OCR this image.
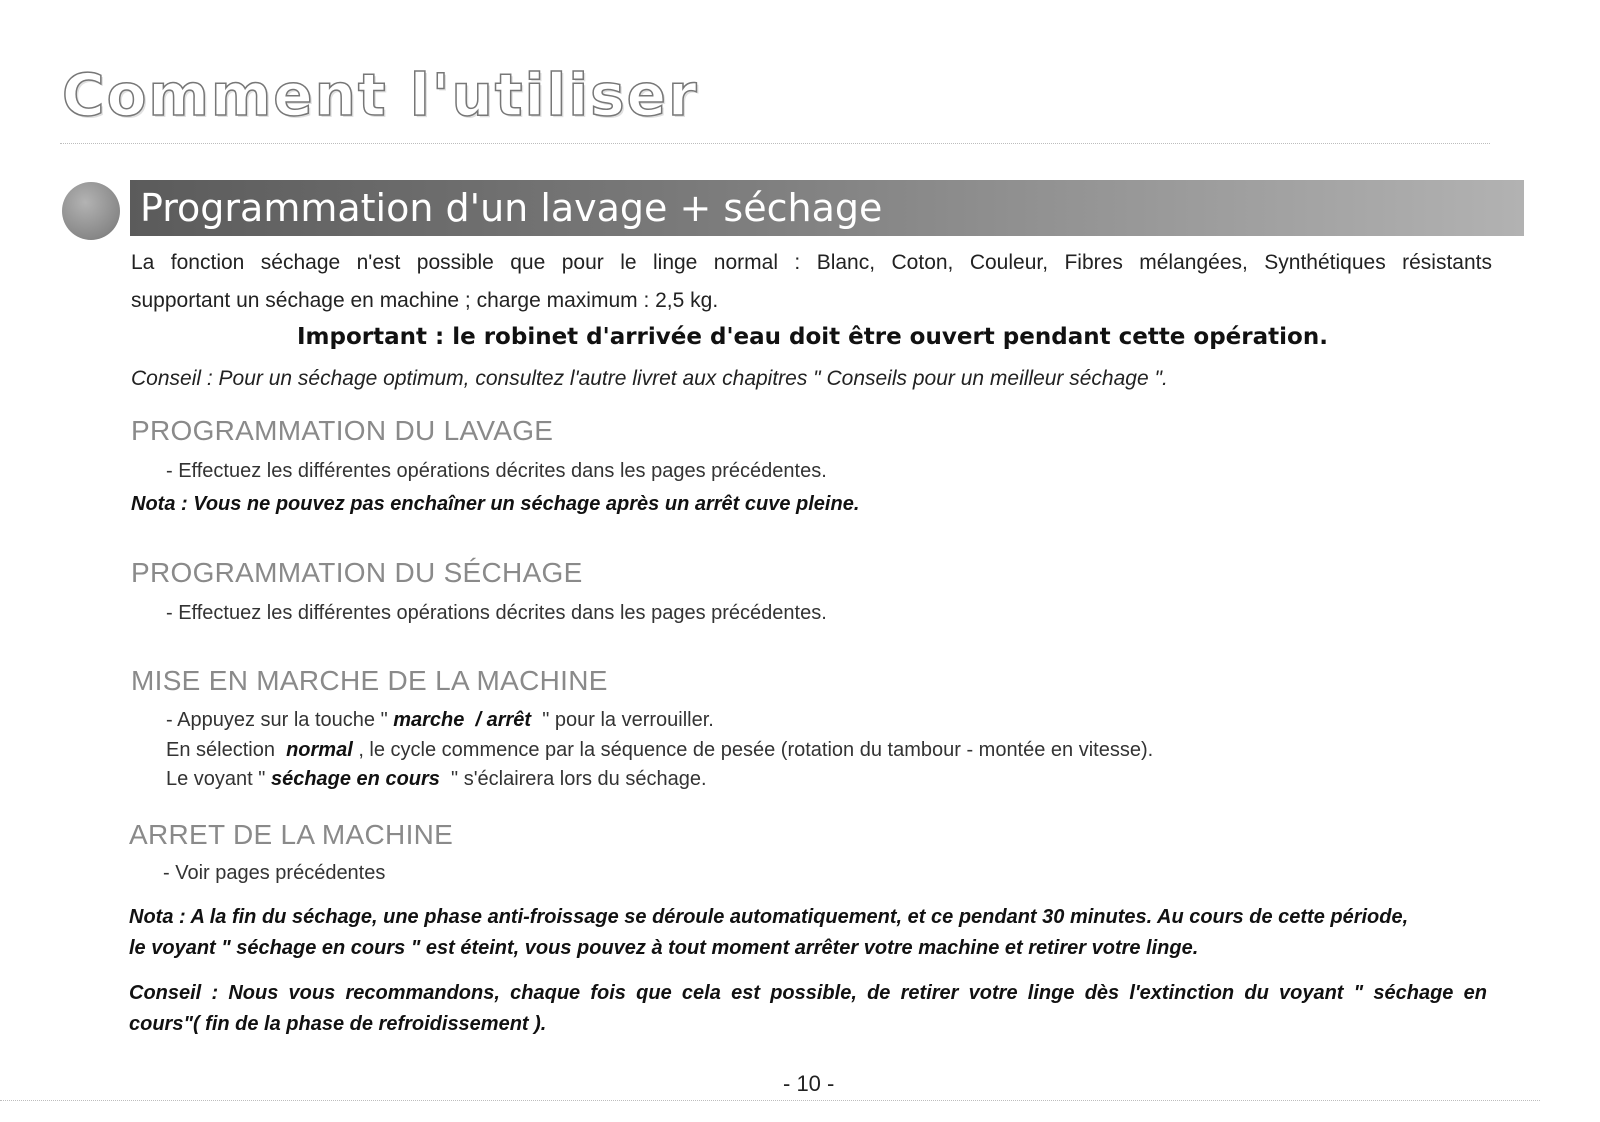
Comment l'utiliser
Programmation d'un lavage + séchage
La fonction séchage n'est possible que pour le linge normal : Blanc, Coton, Couleur, Fibres mélangées, Synthétiques résistants
supportant un séchage en machine ; charge maximum : 2,5 kg.
Important : le robinet d'arrivée d'eau doit être ouvert pendant cette opération.
Conseil : Pour un séchage optimum, consultez l'autre livret aux chapitres " Conseils pour un meilleur séchage ".
PROGRAMMATION DU LAVAGE
- Effectuez les différentes opérations décrites dans les pages précédentes.
Nota : Vous ne pouvez pas enchaîner un séchage après un arrêt cuve pleine.
PROGRAMMATION DU SÉCHAGE
- Effectuez les différentes opérations décrites dans les pages précédentes.
MISE EN MARCHE DE LA MACHINE
- Appuyez sur la touche " marche  / arrêt  " pour la verrouiller.
En sélection  normal , le cycle commence par la séquence de pesée (rotation du tambour - montée en vitesse).
Le voyant " séchage en cours  " s'éclairera lors du séchage.
ARRET DE LA MACHINE
- Voir pages précédentes
Nota : A la fin du séchage, une phase anti-froissage se déroule automatiquement, et ce pendant 30 minutes. Au cours de cette période,
le voyant " séchage en cours " est éteint, vous pouvez à tout moment arrêter votre machine et retirer votre linge.
Conseil : Nous vous recommandons, chaque fois que cela est possible, de retirer votre linge dès l'extinction du voyant " séchage en
cours"( fin de la phase de refroidissement ).
- 10 -
